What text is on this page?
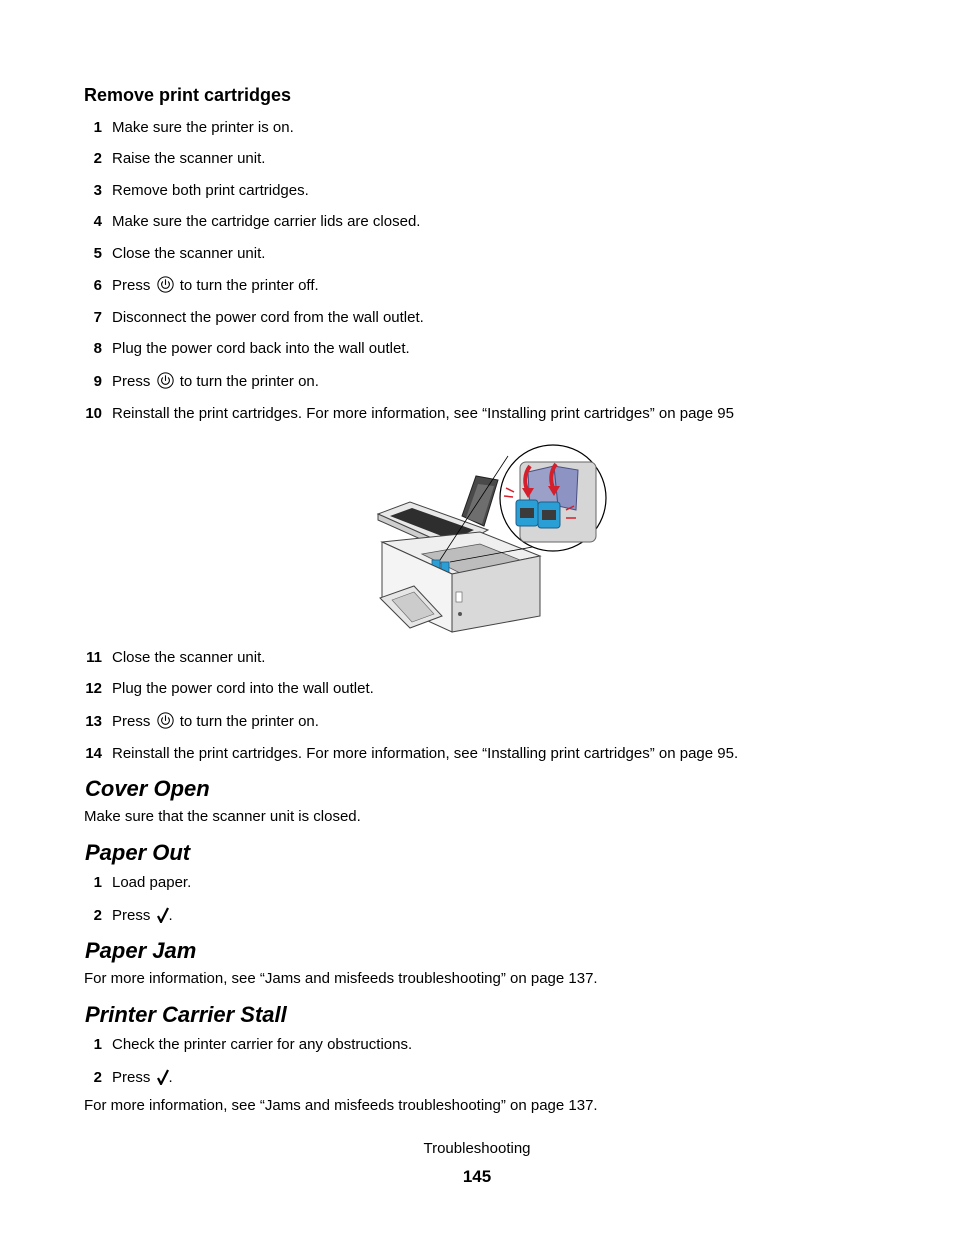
Remove print cartridges
1 Make sure the printer is on.
2 Raise the scanner unit.
3 Remove both print cartridges.
4 Make sure the cartridge carrier lids are closed.
5 Close the scanner unit.
6 Press to turn the printer off.
7 Disconnect the power cord from the wall outlet.
8 Plug the power cord back into the wall outlet.
9 Press to turn the printer on.
10 Reinstall the print cartridges. For more information, see “Installing print cartridges” on page 95
11 Close the scanner unit.
12 Plug the power cord into the wall outlet.
13 Press to turn the printer on.
14 Reinstall the print cartridges. For more information, see “Installing print cartridges” on page 95.
Cover Open
Make sure that the scanner unit is closed.
Paper Out
1 Load paper.
2 Press .
Paper Jam
For more information, see “Jams and misfeeds troubleshooting” on page 137.
Printer Carrier Stall
1 Check the printer carrier for any obstructions.
2 Press .
For more information, see “Jams and misfeeds troubleshooting” on page 137.
Troubleshooting
145
